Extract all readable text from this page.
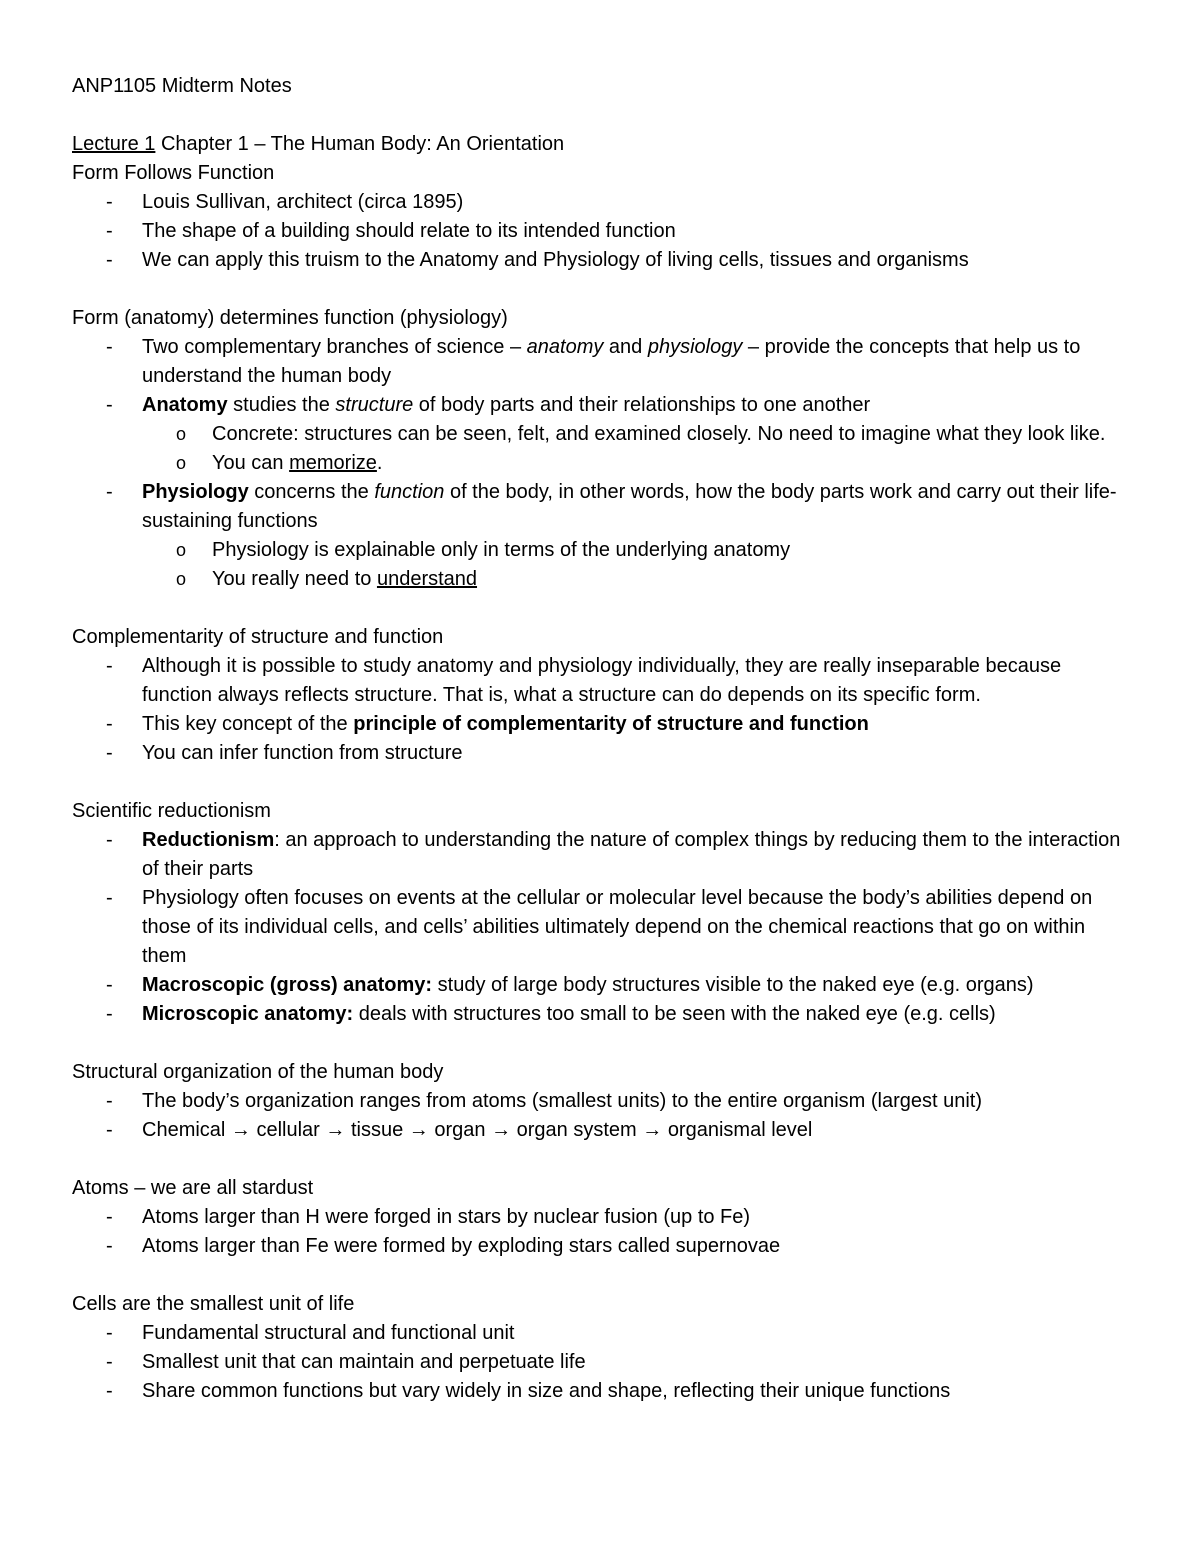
ANP1105 Midterm Notes

Lecture 1 Chapter 1 – The Human Body: An Orientation

Form Follows Function

-	Louis Sullivan, architect (circa 1895)
-	The shape of a building should relate to its intended function
-	We can apply this truism to the Anatomy and Physiology of living cells, tissues and organisms

Form (anatomy) determines function (physiology)

-	Two complementary branches of science – anatomy and physiology – provide the concepts that help us to understand the human body
-	Anatomy studies the structure of body parts and their relationships to one another
o	Concrete: structures can be seen, felt, and examined closely. No need to imagine what they look like.
o	You can memorize.
-	Physiology concerns the function of the body, in other words, how the body parts work and carry out their life-sustaining functions
o	Physiology is explainable only in terms of the underlying anatomy
o	You really need to understand

Complementarity of structure and function

-	Although it is possible to study anatomy and physiology individually, they are really inseparable because function always reflects structure. That is, what a structure can do depends on its specific form.
-	This key concept of the principle of complementarity of structure and function
-	You can infer function from structure

Scientific reductionism

-	Reductionism: an approach to understanding the nature of complex things by reducing them to the interaction of their parts
-	Physiology often focuses on events at the cellular or molecular level because the body’s abilities depend on those of its individual cells, and cells’ abilities ultimately depend on the chemical reactions that go on within them
-	Macroscopic (gross) anatomy: study of large body structures visible to the naked eye (e.g. organs)
-	Microscopic anatomy: deals with structures too small to be seen with the naked eye (e.g. cells)

Structural organization of the human body

-	The body’s organization ranges from atoms (smallest units) to the entire organism (largest unit)
-	Chemical → cellular → tissue → organ → organ system → organismal level

Atoms – we are all stardust

-	Atoms larger than H were forged in stars by nuclear fusion (up to Fe)
-	Atoms larger than Fe were formed by exploding stars called supernovae

Cells are the smallest unit of life

-	Fundamental structural and functional unit
-	Smallest unit that can maintain and perpetuate life
-	Share common functions but vary widely in size and shape, reflecting their unique functions
